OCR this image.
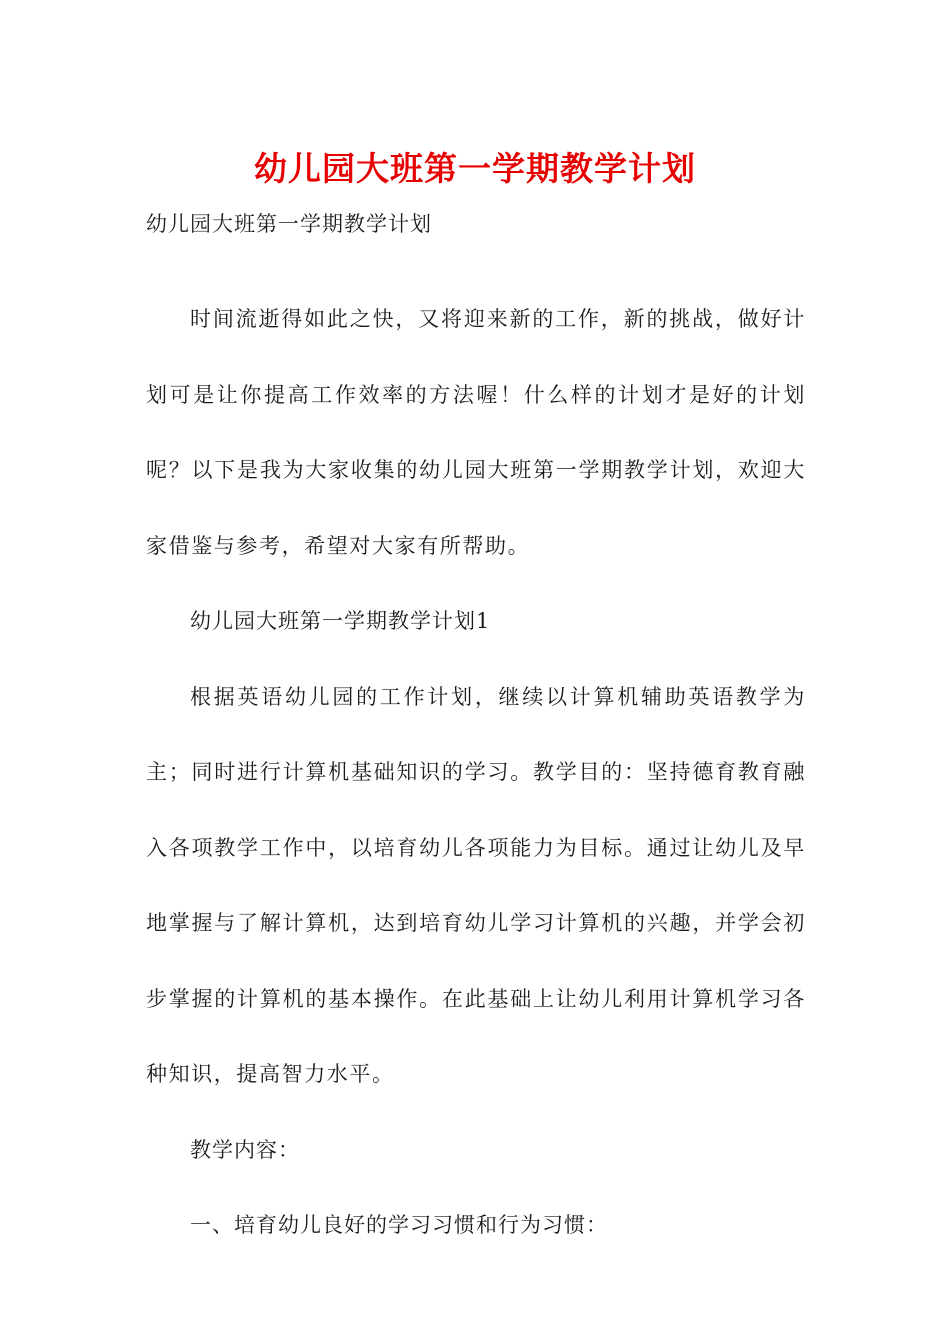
幼儿园大班第一学期教学计划
幼儿园大班第一学期教学计划

时间流逝得如此之快，又将迎来新的工作，新的挑战，做好计划可是让你提高工作效率的方法喔！什么样的计划才是好的计划呢？以下是我为大家收集的幼儿园大班第一学期教学计划，欢迎大家借鉴与参考，希望对大家有所帮助。

幼儿园大班第一学期教学计划1

根据英语幼儿园的工作计划，继续以计算机辅助英语教学为主；同时进行计算机基础知识的学习。教学目的：坚持德育教育融入各项教学工作中，以培育幼儿各项能力为目标。通过让幼儿及早地掌握与了解计算机，达到培育幼儿学习计算机的兴趣，并学会初步掌握的计算机的基本操作。在此基础上让幼儿利用计算机学习各种知识，提高智力水平。

教学内容：

一、培育幼儿良好的学习习惯和行为习惯：
